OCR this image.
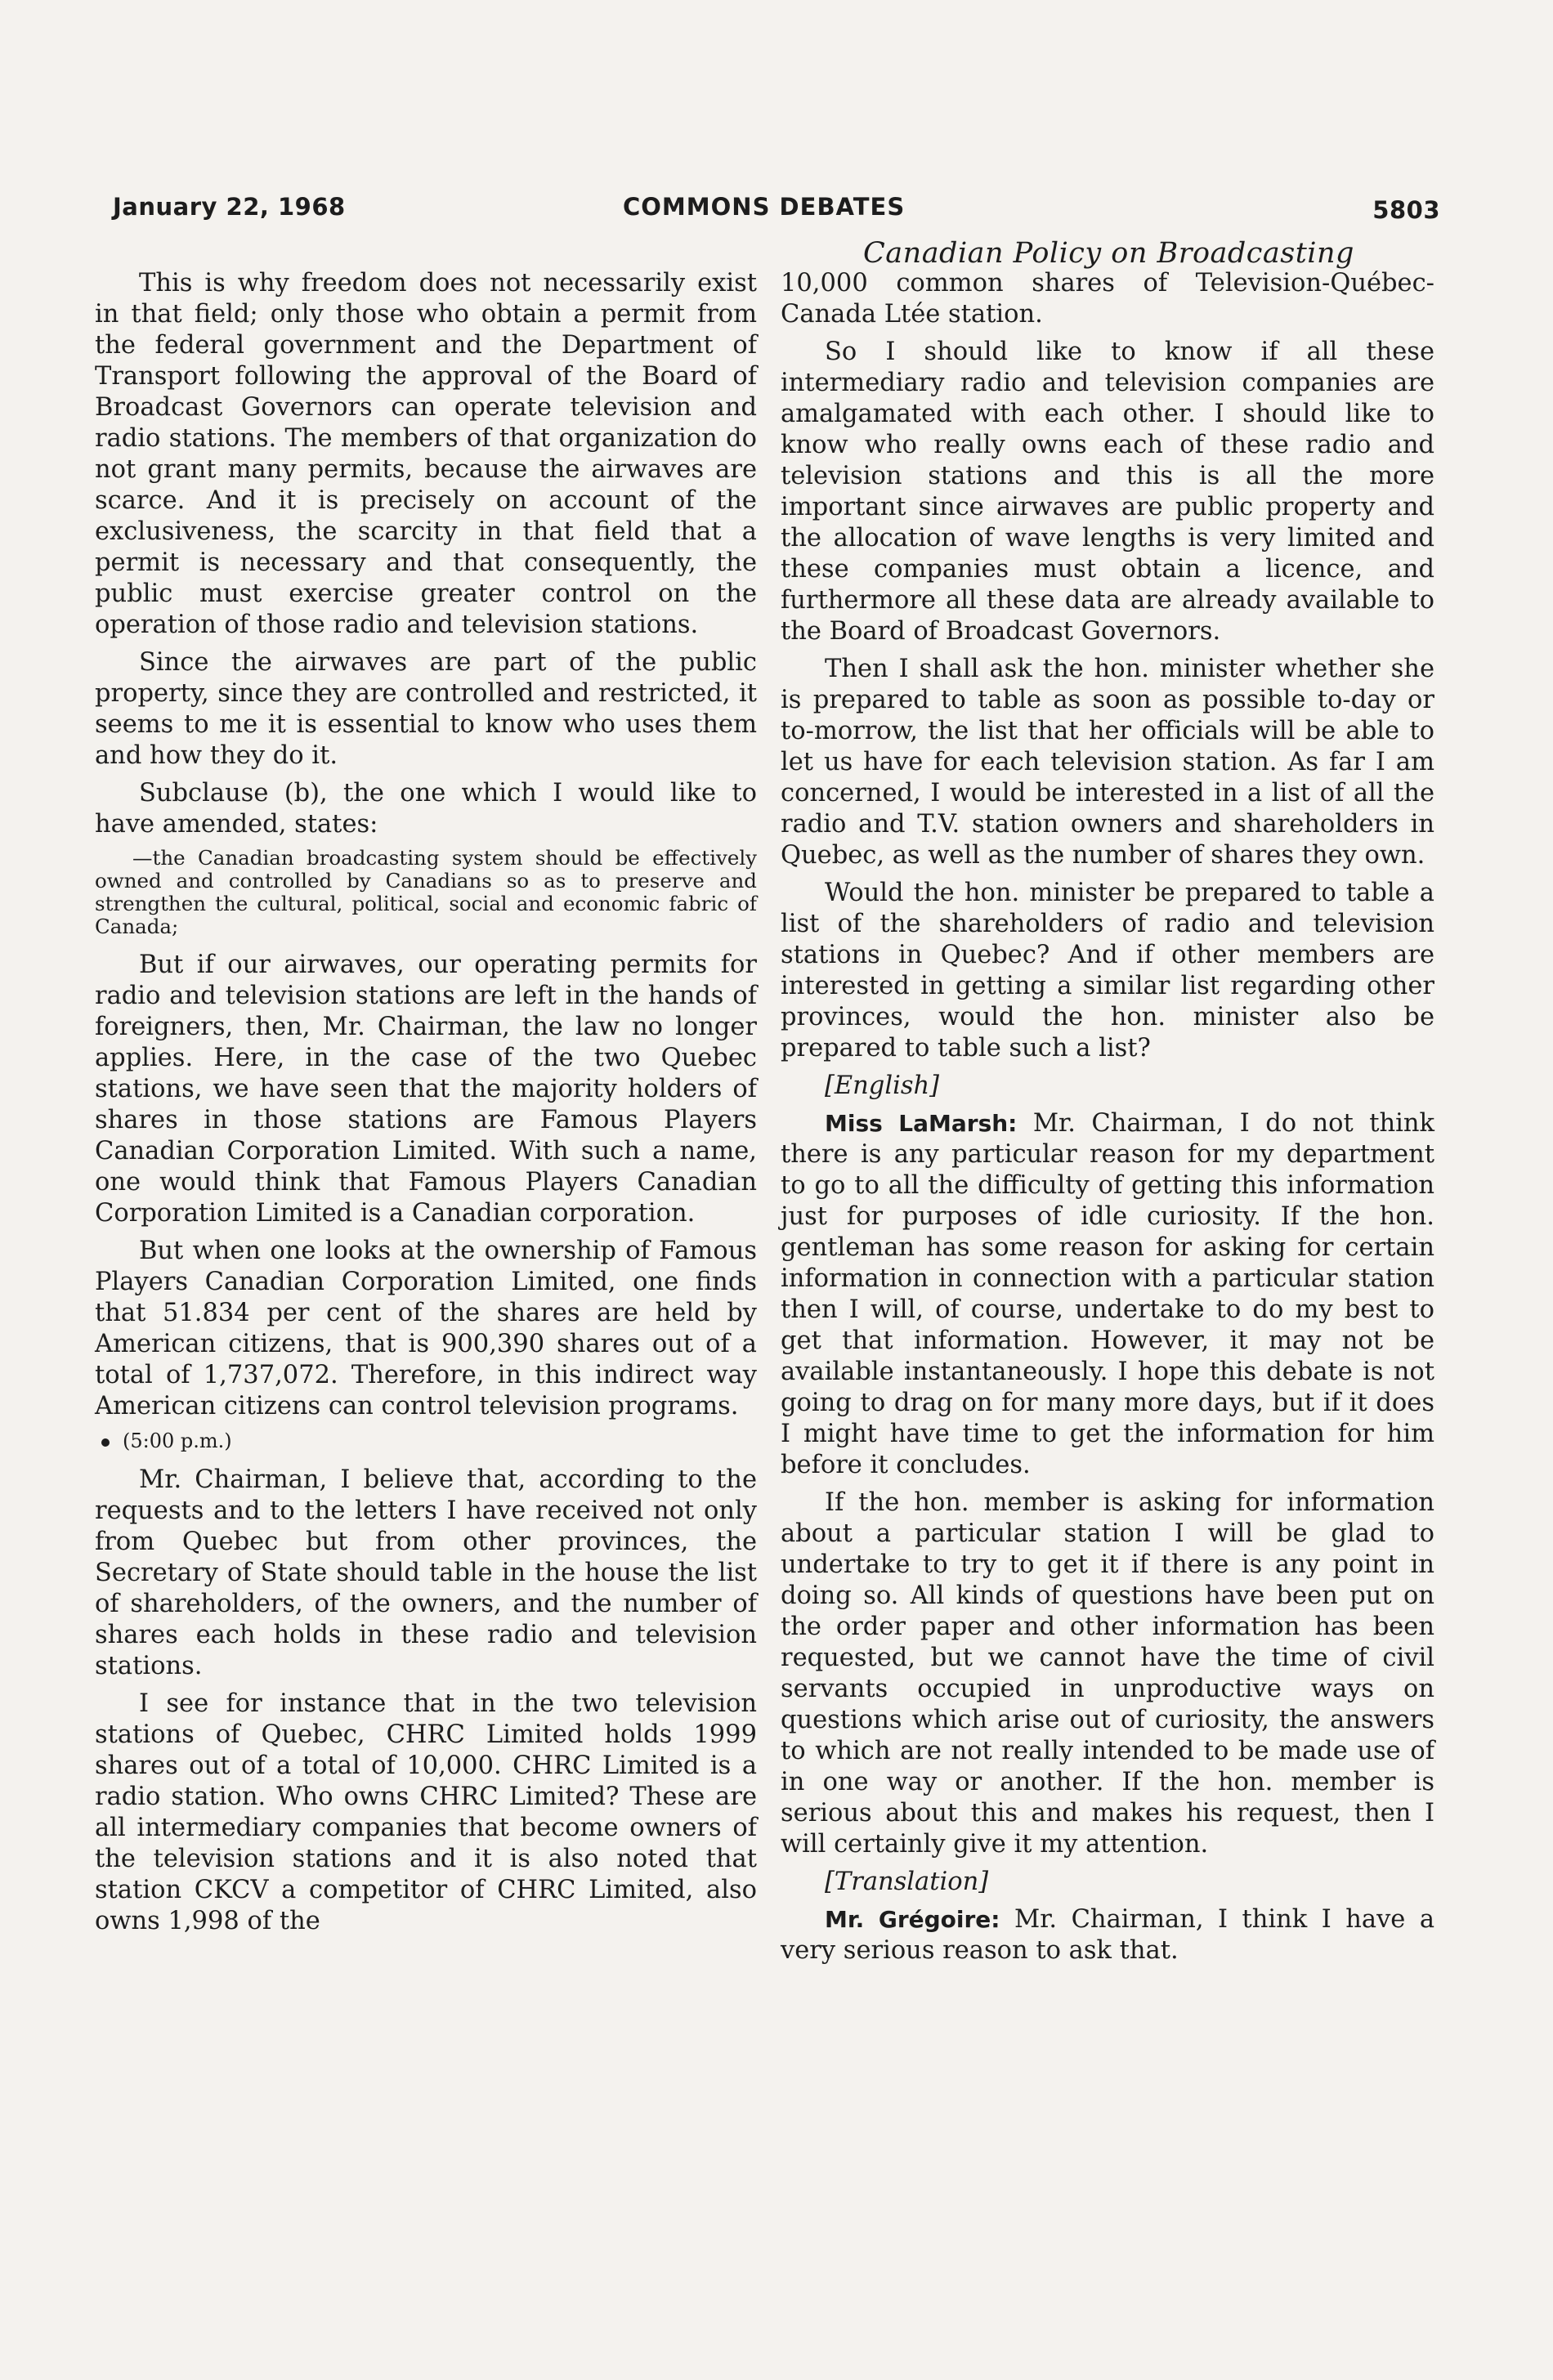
January 22, 1968	COMMONS DEBATES	5803
Canadian Policy on Broadcasting

This is why freedom does not necessarily exist in that field; only those who obtain a permit from the federal government and the Department of Transport following the approval of the Board of Broadcast Governors can operate television and radio stations. The members of that organization do not grant many permits, because the airwaves are scarce. And it is precisely on account of the exclusiveness, the scarcity in that field that a permit is necessary and that consequently, the public must exercise greater control on the operation of those radio and television stations.

Since the airwaves are part of the public property, since they are controlled and restricted, it seems to me it is essential to know who uses them and how they do it.

Subclause (b), the one which I would like to have amended, states:

—the Canadian broadcasting system should be effectively owned and controlled by Canadians so as to preserve and strengthen the cultural, political, social and economic fabric of Canada;

But if our airwaves, our operating permits for radio and television stations are left in the hands of foreigners, then, Mr. Chairman, the law no longer applies. Here, in the case of the two Quebec stations, we have seen that the majority holders of shares in those stations are Famous Players Canadian Corporation Limited. With such a name, one would think that Famous Players Canadian Corporation Limited is a Canadian corporation.

But when one looks at the ownership of Famous Players Canadian Corporation Limited, one finds that 51.834 per cent of the shares are held by American citizens, that is 900,390 shares out of a total of 1,737,072. Therefore, in this indirect way American citizens can control television programs.

(5:00 p.m.)

Mr. Chairman, I believe that, according to the requests and to the letters I have received not only from Quebec but from other provinces, the Secretary of State should table in the house the list of shareholders, of the owners, and the number of shares each holds in these radio and television stations.

I see for instance that in the two television stations of Quebec, CHRC Limited holds 1999 shares out of a total of 10,000. CHRC Limited is a radio station. Who owns CHRC Limited? These are all intermediary companies that become owners of the television stations and it is also noted that station CKCV a competitor of CHRC Limited, also owns 1,998 of the

10,000 common shares of Television-Québec-Canada Ltée station.

So I should like to know if all these intermediary radio and television companies are amalgamated with each other. I should like to know who really owns each of these radio and television stations and this is all the more important since airwaves are public property and the allocation of wave lengths is very limited and these companies must obtain a licence, and furthermore all these data are already available to the Board of Broadcast Governors.

Then I shall ask the hon. minister whether she is prepared to table as soon as possible to-day or to-morrow, the list that her officials will be able to let us have for each television station. As far I am concerned, I would be interested in a list of all the radio and T.V. station owners and shareholders in Quebec, as well as the number of shares they own.

Would the hon. minister be prepared to table a list of the shareholders of radio and television stations in Quebec? And if other members are interested in getting a similar list regarding other provinces, would the hon. minister also be prepared to table such a list?

[English]

Miss LaMarsh: Mr. Chairman, I do not think there is any particular reason for my department to go to all the difficulty of getting this information just for purposes of idle curiosity. If the hon. gentleman has some reason for asking for certain information in connection with a particular station then I will, of course, undertake to do my best to get that information. However, it may not be available instantaneously. I hope this debate is not going to drag on for many more days, but if it does I might have time to get the information for him before it concludes.

If the hon. member is asking for information about a particular station I will be glad to undertake to try to get it if there is any point in doing so. All kinds of questions have been put on the order paper and other information has been requested, but we cannot have the time of civil servants occupied in unproductive ways on questions which arise out of curiosity, the answers to which are not really intended to be made use of in one way or another. If the hon. member is serious about this and makes his request, then I will certainly give it my attention.

[Translation]

Mr. Grégoire: Mr. Chairman, I think I have a very serious reason to ask that.
